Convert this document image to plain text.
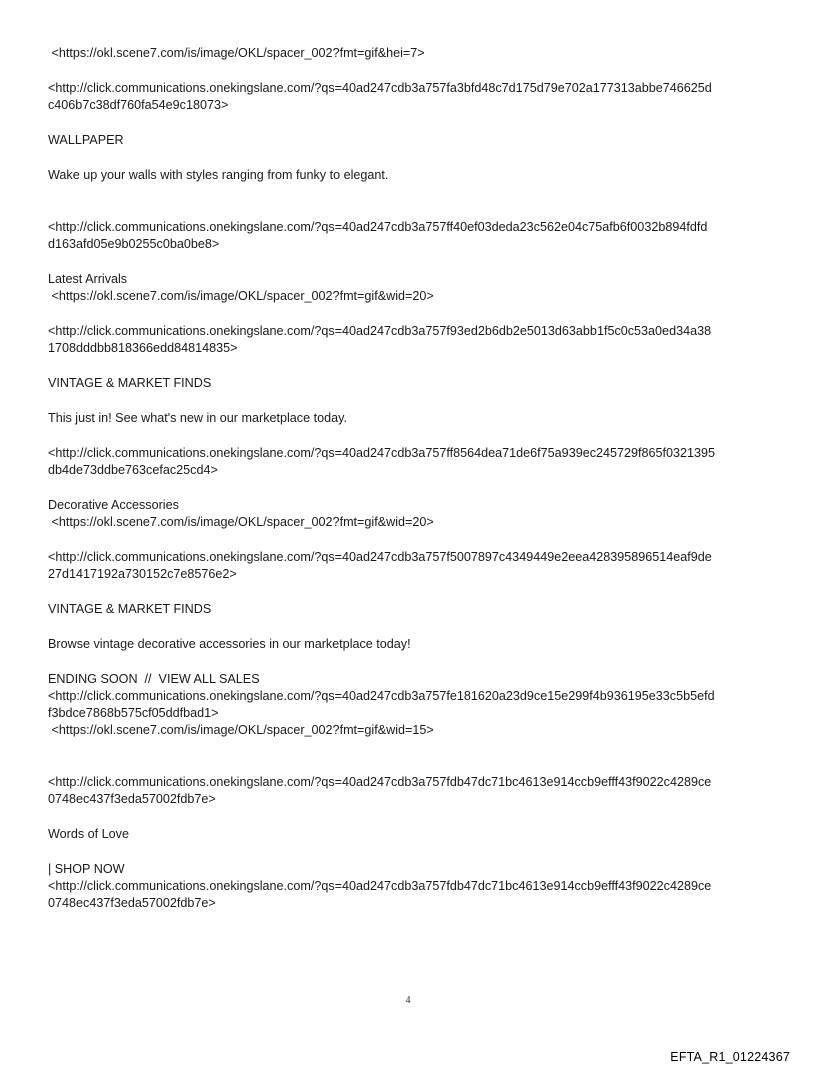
<https://okl.scene7.com/is/image/OKL/spacer_002?fmt=gif&hei=7>
<http://click.communications.onekingslane.com/?qs=40ad247cdb3a757fa3bfd48c7d175d79e702a177313abbe746625d
c406b7c38df760fa54e9c18073>
WALLPAPER
Wake up your walls with styles ranging from funky to elegant.
<http://click.communications.onekingslane.com/?qs=40ad247cdb3a757ff40ef03deda23c562e04c75afb6f0032b894fdfd
d163afd05e9b0255c0ba0be8>
Latest Arrivals
<https://okl.scene7.com/is/image/OKL/spacer_002?fmt=gif&wid=20>
<http://click.communications.onekingslane.com/?qs=40ad247cdb3a757f93ed2b6db2e5013d63abb1f5c0c53a0ed34a38
1708dddbb818366edd84814835>
VINTAGE & MARKET FINDS
This just in! See what's new in our marketplace today.
<http://click.communications.onekingslane.com/?qs=40ad247cdb3a757ff8564dea71de6f75a939ec245729f865f0321395
db4de73ddbe763cefac25cd4>
Decorative Accessories
<https://okl.scene7.com/is/image/OKL/spacer_002?fmt=gif&wid=20>
<http://click.communications.onekingslane.com/?qs=40ad247cdb3a757f5007897c4349449e2eea428395896514eaf9de
27d1417192a730152c7e8576e2>
VINTAGE & MARKET FINDS
Browse vintage decorative accessories in our marketplace today!
ENDING SOON  //  VIEW ALL SALES
<http://click.communications.onekingslane.com/?qs=40ad247cdb3a757fe181620a23d9ce15e299f4b936195e33c5b5efd
f3bdce7868b575cf05ddfbad1>
<https://okl.scene7.com/is/image/OKL/spacer_002?fmt=gif&wid=15>
<http://click.communications.onekingslane.com/?qs=40ad247cdb3a757fdb47dc71bc4613e914ccb9efff43f9022c4289ce
0748ec437f3eda57002fdb7e>
Words of Love
| SHOP NOW
<http://click.communications.onekingslane.com/?qs=40ad247cdb3a757fdb47dc71bc4613e914ccb9efff43f9022c4289ce
0748ec437f3eda57002fdb7e>
4
EFTA_R1_01224367
